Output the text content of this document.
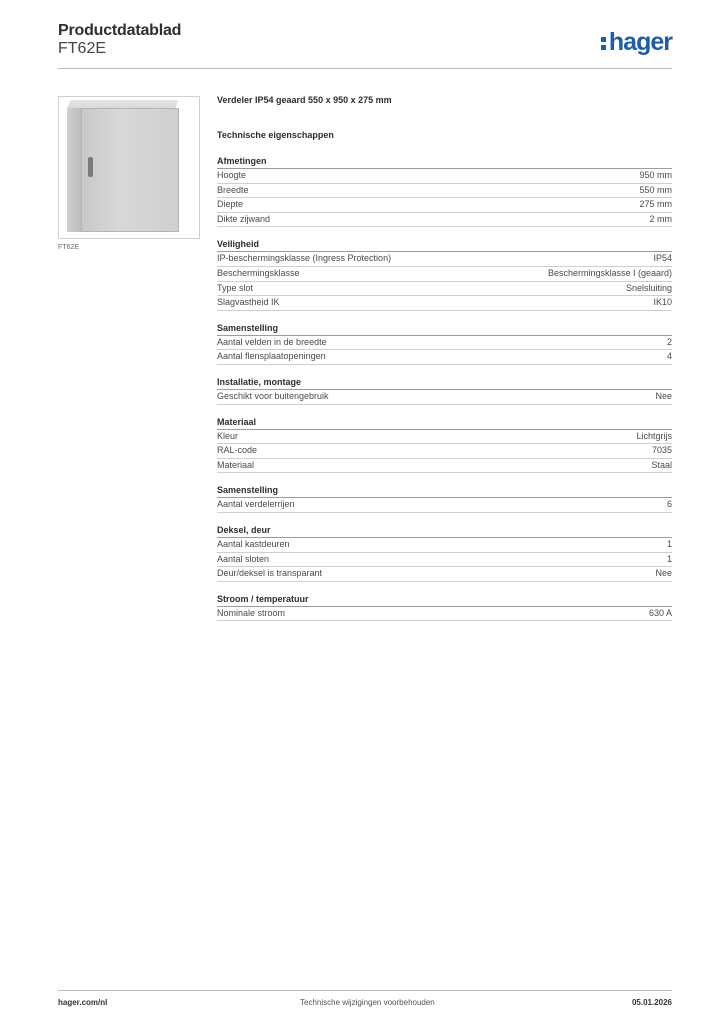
Productdatablad
FT62E	hager
FT62E
Verdeler IP54 geaard 550 x 950 x 275 mm
Technische eigenschappen
Afmetingen
Hoogte	950 mm
Breedte	550 mm
Diepte	275 mm
Dikte zijwand	2 mm
Veiligheid
IP-beschermingsklasse (Ingress Protection)	IP54
Beschermingsklasse	Beschermingsklasse I (geaard)
Type slot	Snelsluiting
Slagvastheid IK	IK10
Samenstelling
Aantal velden in de breedte	2
Aantal flensplaatopeningen	4
Installatie, montage
Geschikt voor buitengebruik	Nee
Materiaal
Kleur	Lichtgrijs
RAL-code	7035
Materiaal	Staal
Samenstelling
Aantal verdelerrijen	6
Deksel, deur
Aantal kastdeuren	1
Aantal sloten	1
Deur/deksel is transparant	Nee
Stroom / temperatuur
Nominale stroom	630 A
hager.com/nl	Technische wijzigingen voorbehouden	05.01.2026
